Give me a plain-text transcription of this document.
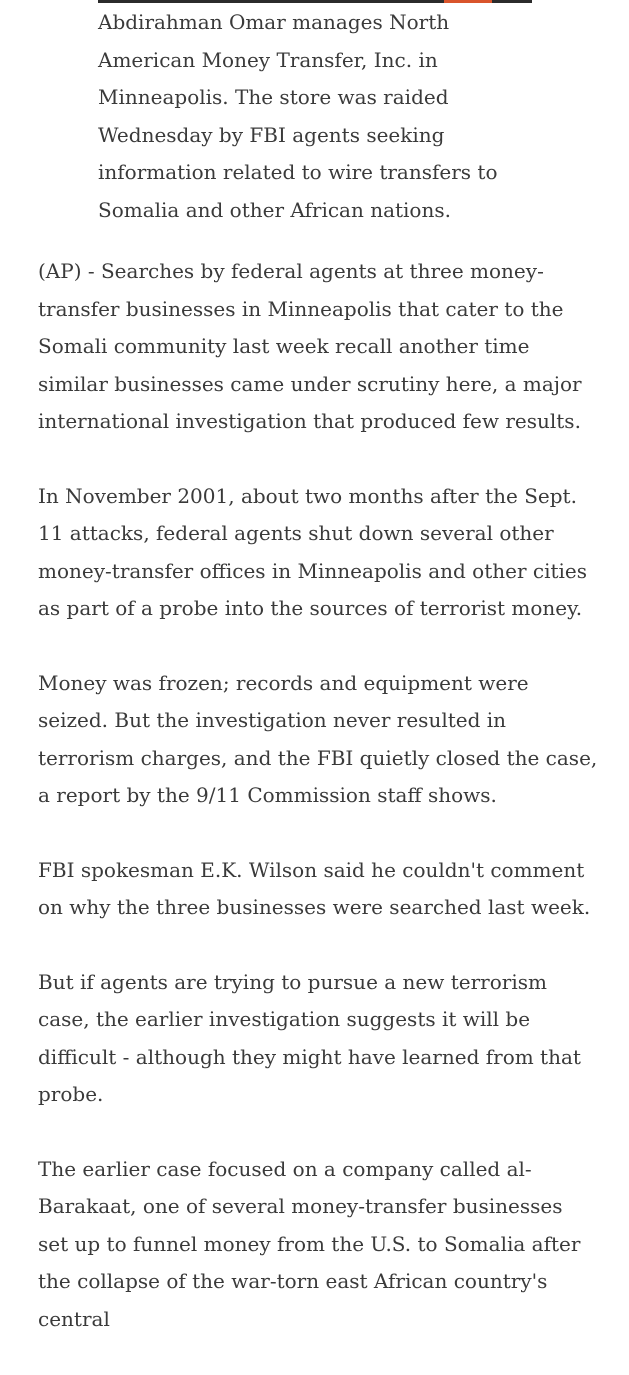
Abdirahman Omar manages North American Money Transfer, Inc. in Minneapolis. The store was raided Wednesday by FBI agents seeking information related to wire transfers to Somalia and other African nations.

(AP) - Searches by federal agents at three money-transfer businesses in Minneapolis that cater to the Somali community last week recall another time similar businesses came under scrutiny here, a major international investigation that produced few results.

In November 2001, about two months after the Sept. 11 attacks, federal agents shut down several other money-transfer offices in Minneapolis and other cities as part of a probe into the sources of terrorist money.

Money was frozen; records and equipment were seized. But the investigation never resulted in terrorism charges, and the FBI quietly closed the case, a report by the 9/11 Commission staff shows.

FBI spokesman E.K. Wilson said he couldn't comment on why the three businesses were searched last week.

But if agents are trying to pursue a new terrorism case, the earlier investigation suggests it will be difficult - although they might have learned from that probe.

The earlier case focused on a company called al-Barakaat, one of several money-transfer businesses set up to funnel money from the U.S. to Somalia after the collapse of the war-torn east African country's central
